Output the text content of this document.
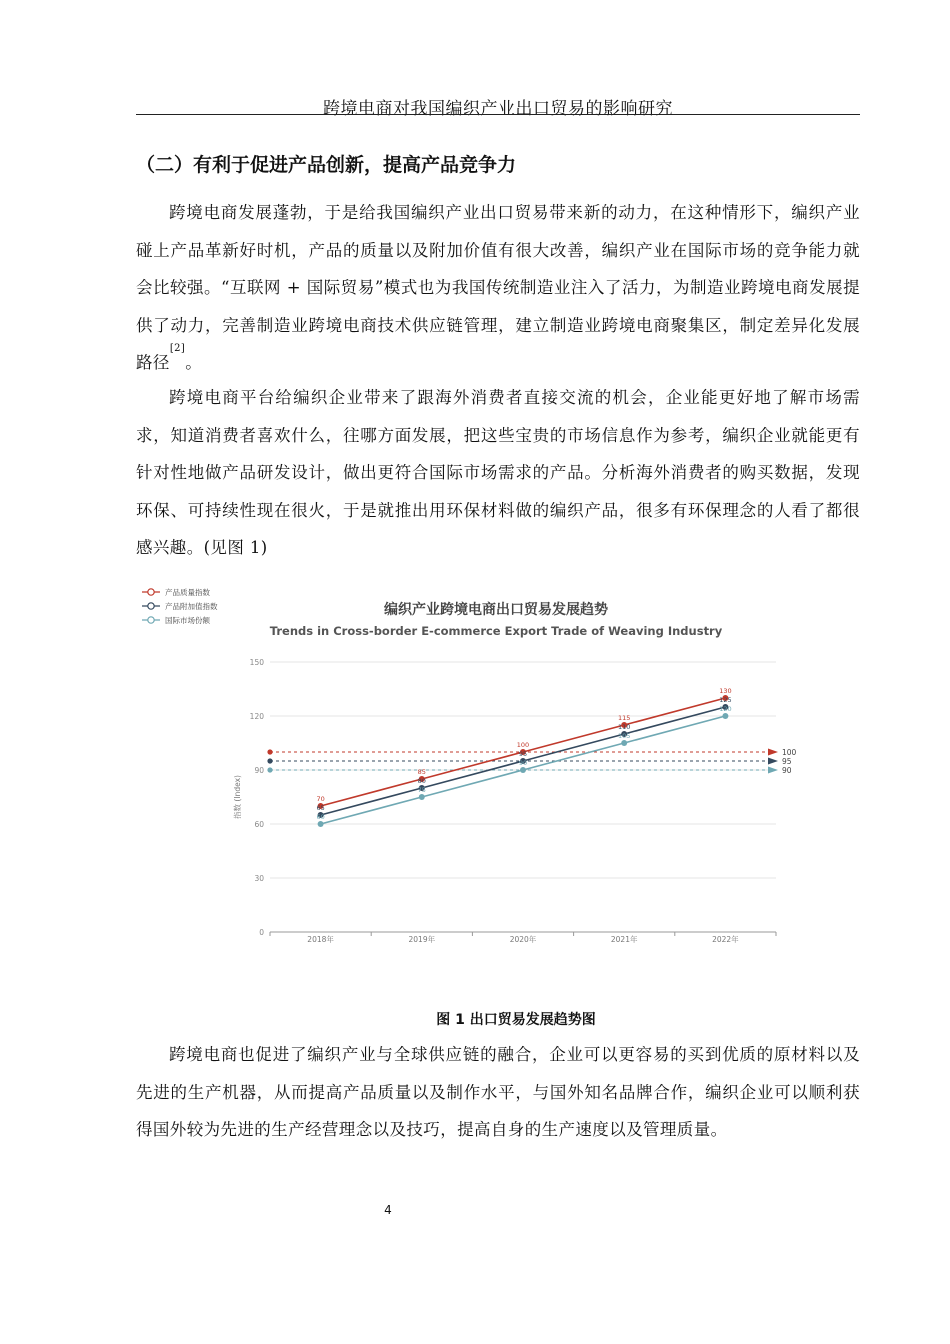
跨境电商对我国编织产业出口贸易的影响研究
（二）有利于促进产品创新，提高产品竞争力

跨境电商发展蓬勃，于是给我国编织产业出口贸易带来新的动力，在这种情形下，编织产业碰上产品革新好时机，产品的质量以及附加价值有很大改善，编织产业在国际市场的竞争能力就会比较强。“互联网 + 国际贸易”模式也为我国传统制造业注入了活力，为制造业跨境电商发展提供了动力，完善制造业跨境电商技术供应链管理，建立制造业跨境电商聚集区，制定差异化发展路径[2]。

跨境电商平台给编织企业带来了跟海外消费者直接交流的机会，企业能更好地了解市场需求，知道消费者喜欢什么，往哪方面发展，把这些宝贵的市场信息作为参考，编织企业就能更有针对性地做产品研发设计，做出更符合国际市场需求的产品。分析海外消费者的购买数据，发现环保、可持续性现在很火，于是就推出用环保材料做的编织产品，很多有环保理念的人看了都很感兴趣。(见图 1)

编织产业跨境电商出口贸易发展趋势
Trends in Cross-border E-commerce Export Trade of Weaving Industry
产品质量指数
产品附加值指数
国际市场份额
0
30
60
90
120
150
指数 (Index)
2018年	2019年	2020年	2021年	2022年
100
95
90
70
85
100
115
130
65
80
95
110
125
60
75
90
105
120
图 1 出口贸易发展趋势图

跨境电商也促进了编织产业与全球供应链的融合，企业可以更容易的买到优质的原材料以及先进的生产机器，从而提高产品质量以及制作水平，与国外知名品牌合作，编织企业可以顺利获得国外较为先进的生产经营理念以及技巧，提高自身的生产速度以及管理质量。

4
